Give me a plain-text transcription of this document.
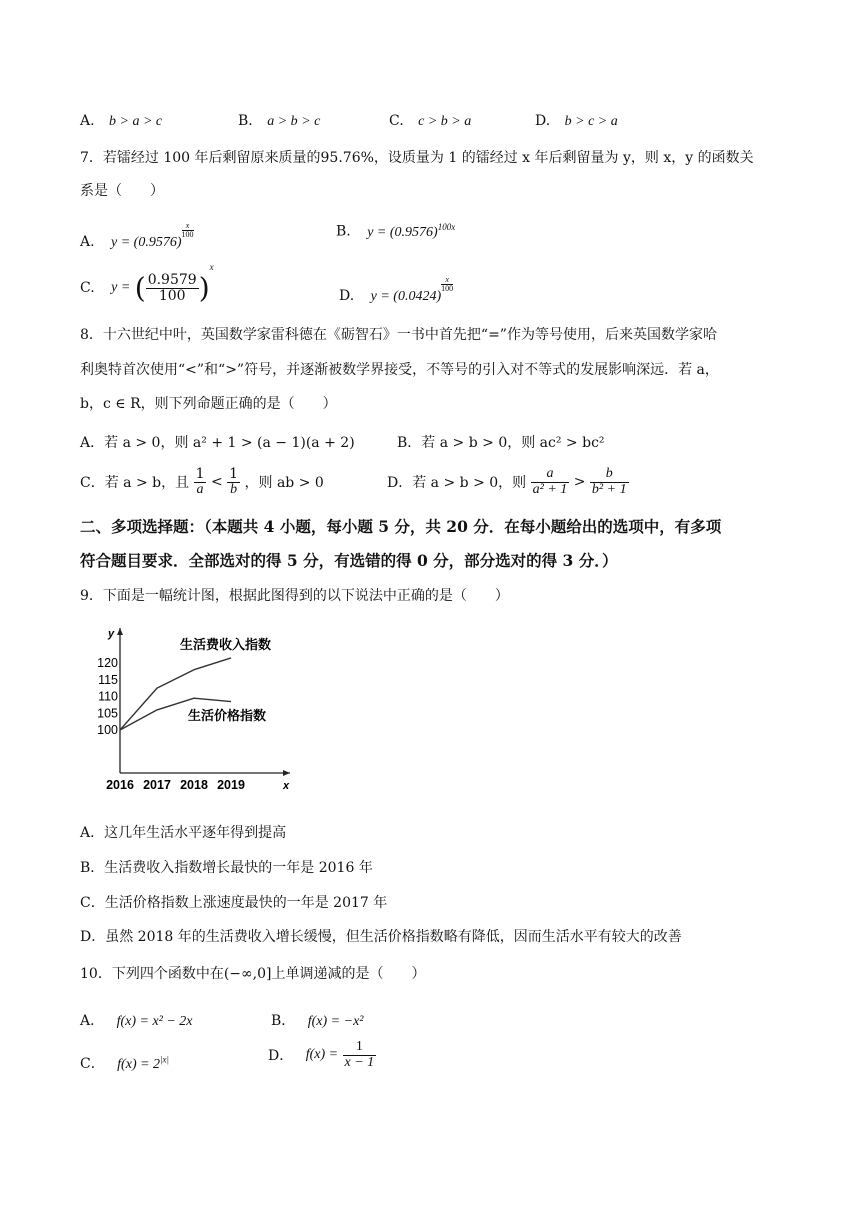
A. b > a > c	B. a > b > c	C. c > b > a	D. b > c > a
7．若镭经过 100 年后剩留原来质量的95.76%，设质量为 1 的镭经过 x 年后剩留量为 y，则 x，y 的函数关
系是（　　）
A. y = (0.9576)
$\frac{x}{100}$	B. $y = (0.9576)^{100x}$
C. y = ( $\frac{0.9579}{100} )^x$
D. y = (0.0424)
$\frac{x}{100}$
8．十六世纪中叶，英国数学家雷科德在《砺智石》一书中首先把“=”作为等号使用，后来英国数学家哈
利奥特首次使用“<”和“>”符号，并逐渐被数学界接受，不等号的引入对不等式的发展影响深远．若 a，
b，c ∈ R，则下列命题正确的是（　　）
A．若 a > 0，则 a² + 1 > (a − 1)(a + 2)	B．若 a > b > 0，则 ac² > bc²
C．若 a > b，且 $\frac{1}{a} < \frac{1}{b}$ ，则 ab > 0	D．若 a > b > 0，则 $\frac{a}{\text{a² + 1}} > \frac{b}{\text{b² + 1}}$
二、多项选择题：（本题共 4 小题，每小题 5 分，共 20 分．在每小题给出的选项中，有多项
符合题目要求．全部选对的得 5 分，有选错的得 0 分，部分选对的得 3 分．）
9．下面是一幅统计图，根据此图得到的以下说法中正确的是（　　）
x
y
100
105
110
115
120
2016 2017 2018 2019
生活费收入指数
生活价格指数
A．这几年生活水平逐年得到提高
B．生活费收入指数增长最快的一年是 2016 年
C．生活价格指数上涨速度最快的一年是 2017 年
D．虽然 2018 年的生活费收入增长缓慢，但生活价格指数略有降低，因而生活水平有较大的改善
10．下列四个函数中在(−∞,0]上单调递减的是（　　）
A． f(x) = x² − 2x	B． f(x) = −x²
C． $f(x) = 2^{|x|}$	D． $f(x) = \frac{1}{x - 1}$
